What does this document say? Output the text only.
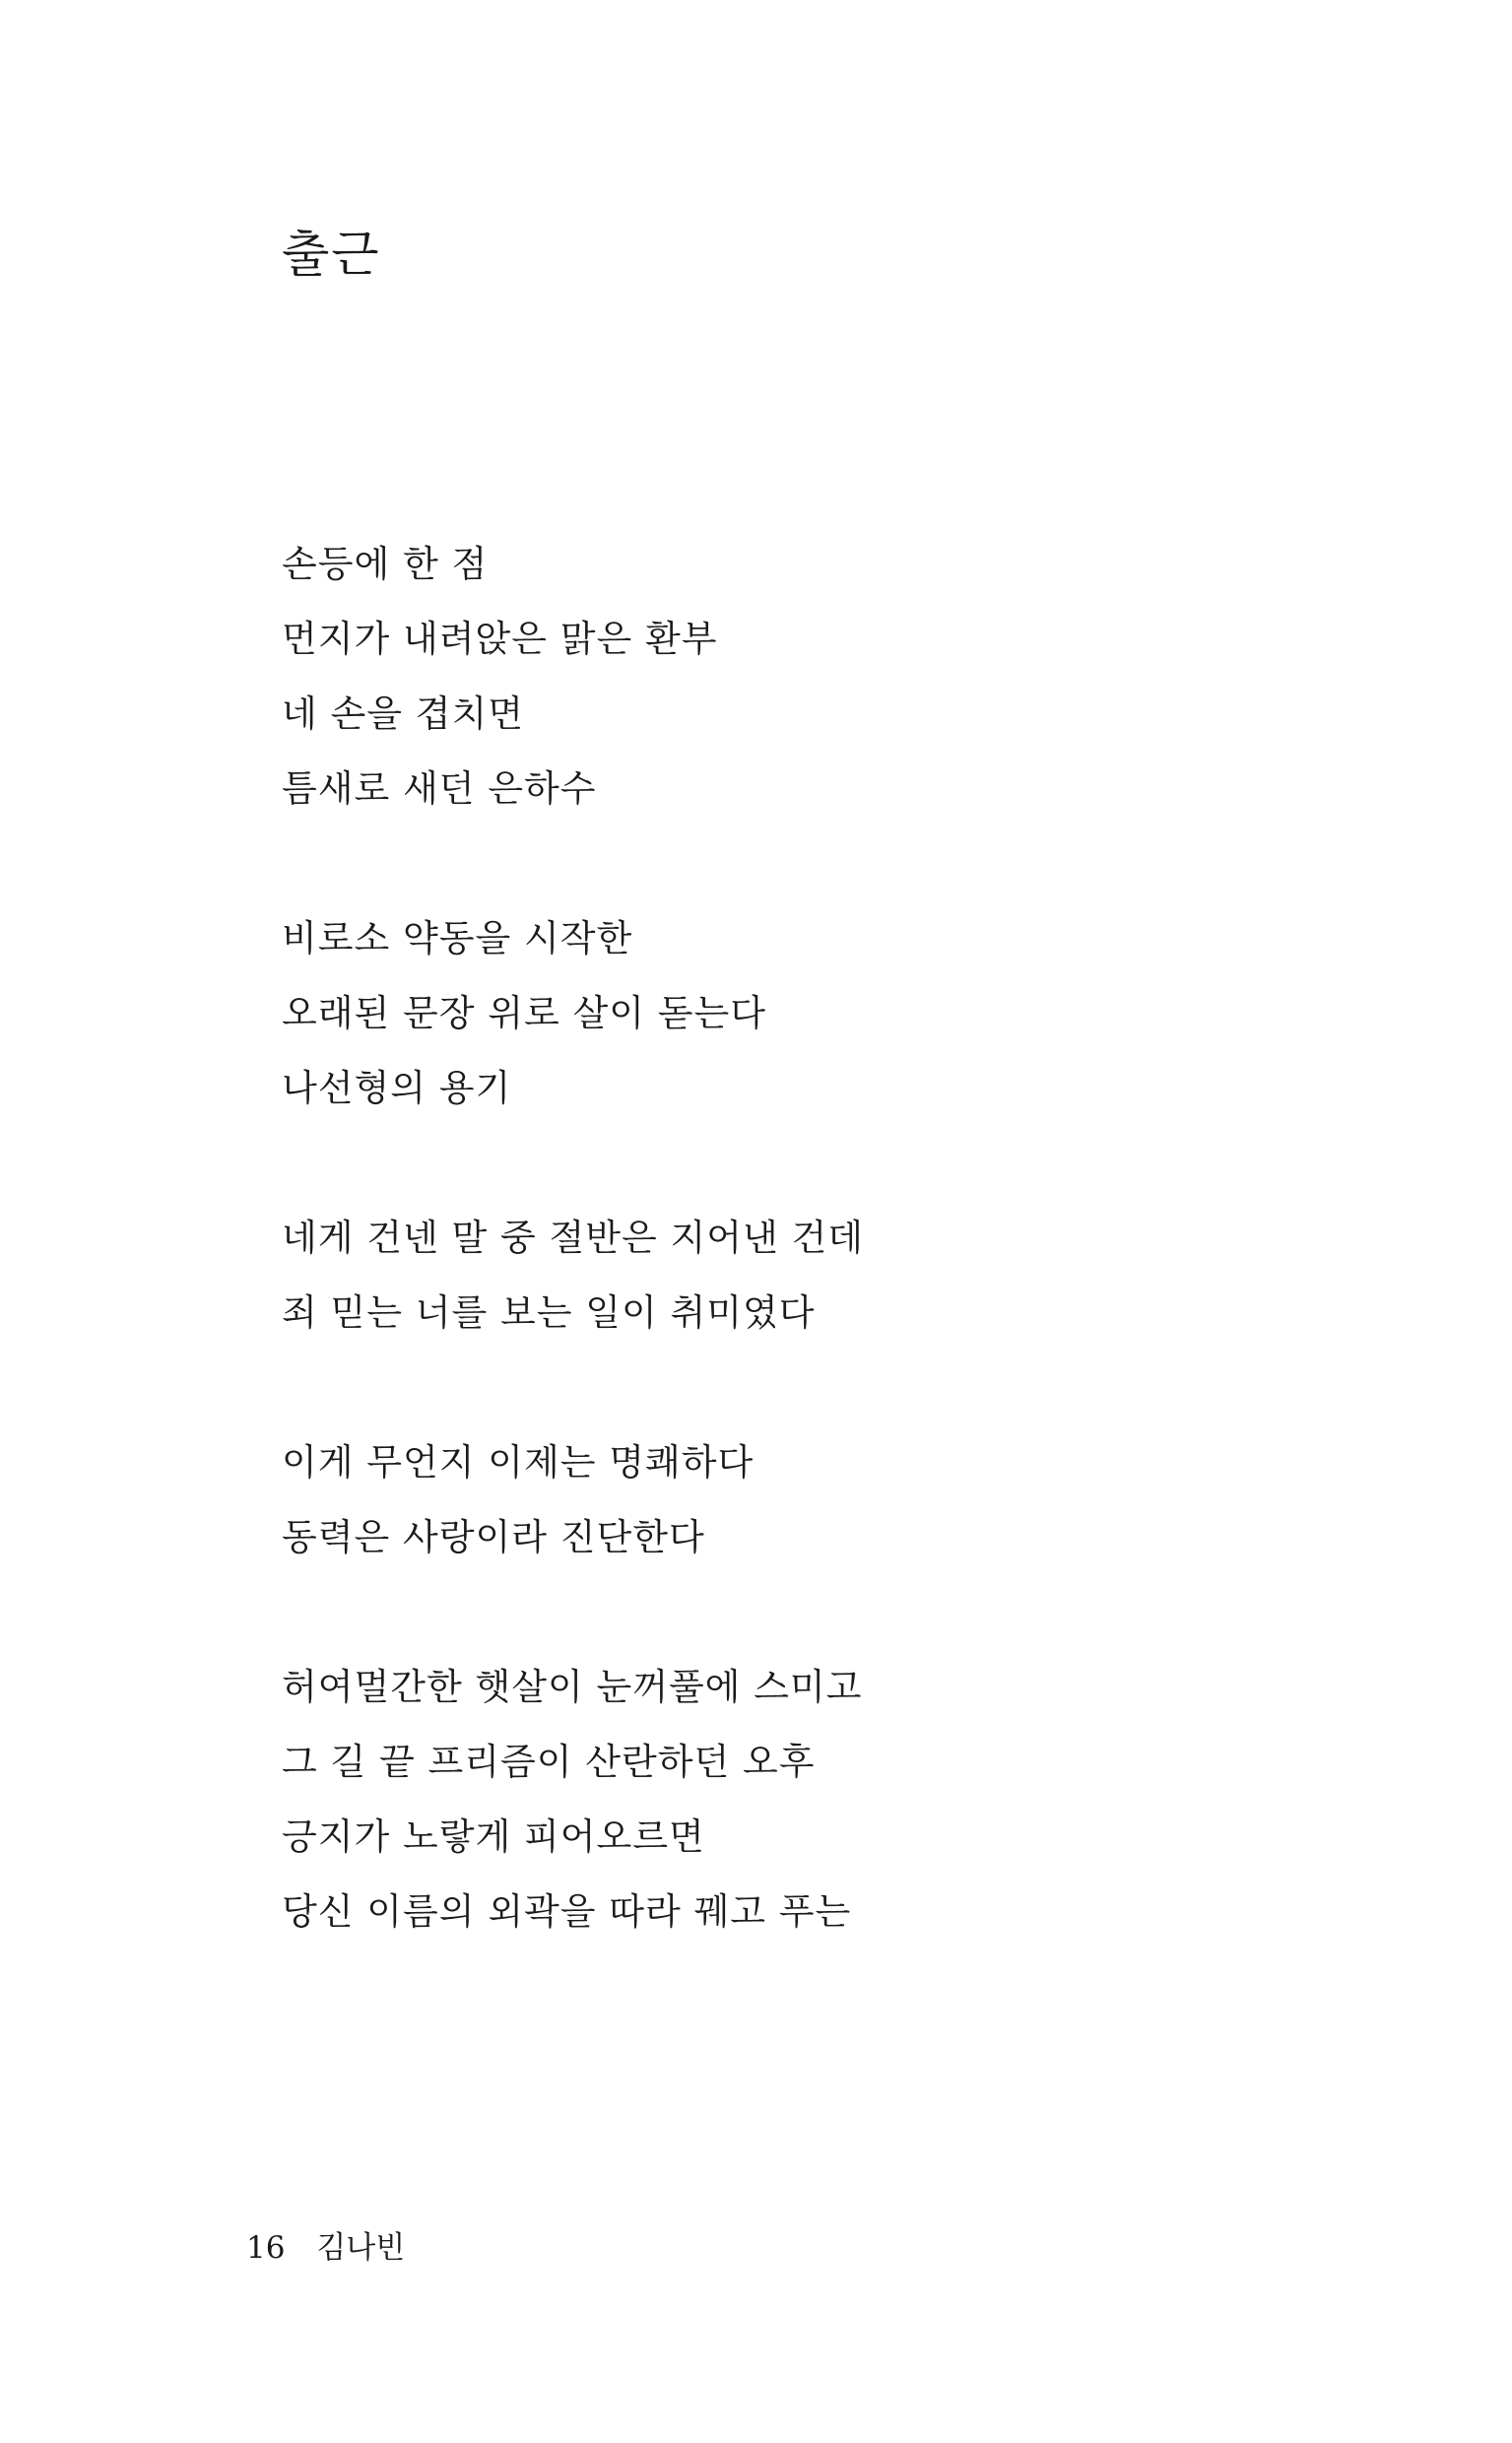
출근
손등에 한 점
먼지가 내려앉은 맑은 환부
네 손을 겹치면
틈새로 새던 은하수
비로소 약동을 시작한
오래된 문장 위로 살이 돋는다
나선형의 용기
네게 건넨 말 중 절반은 지어낸 건데
죄 믿는 너를 보는 일이 취미였다
이게 무언지 이제는 명쾌하다
동력은 사랑이라 진단한다
허여멀간한 햇살이 눈꺼풀에 스미고
그 길 끝 프리즘이 산란하던 오후
긍지가 노랗게 피어오르면
당신 이름의 외곽을 따라 꿰고 푸는
16 김나빈
